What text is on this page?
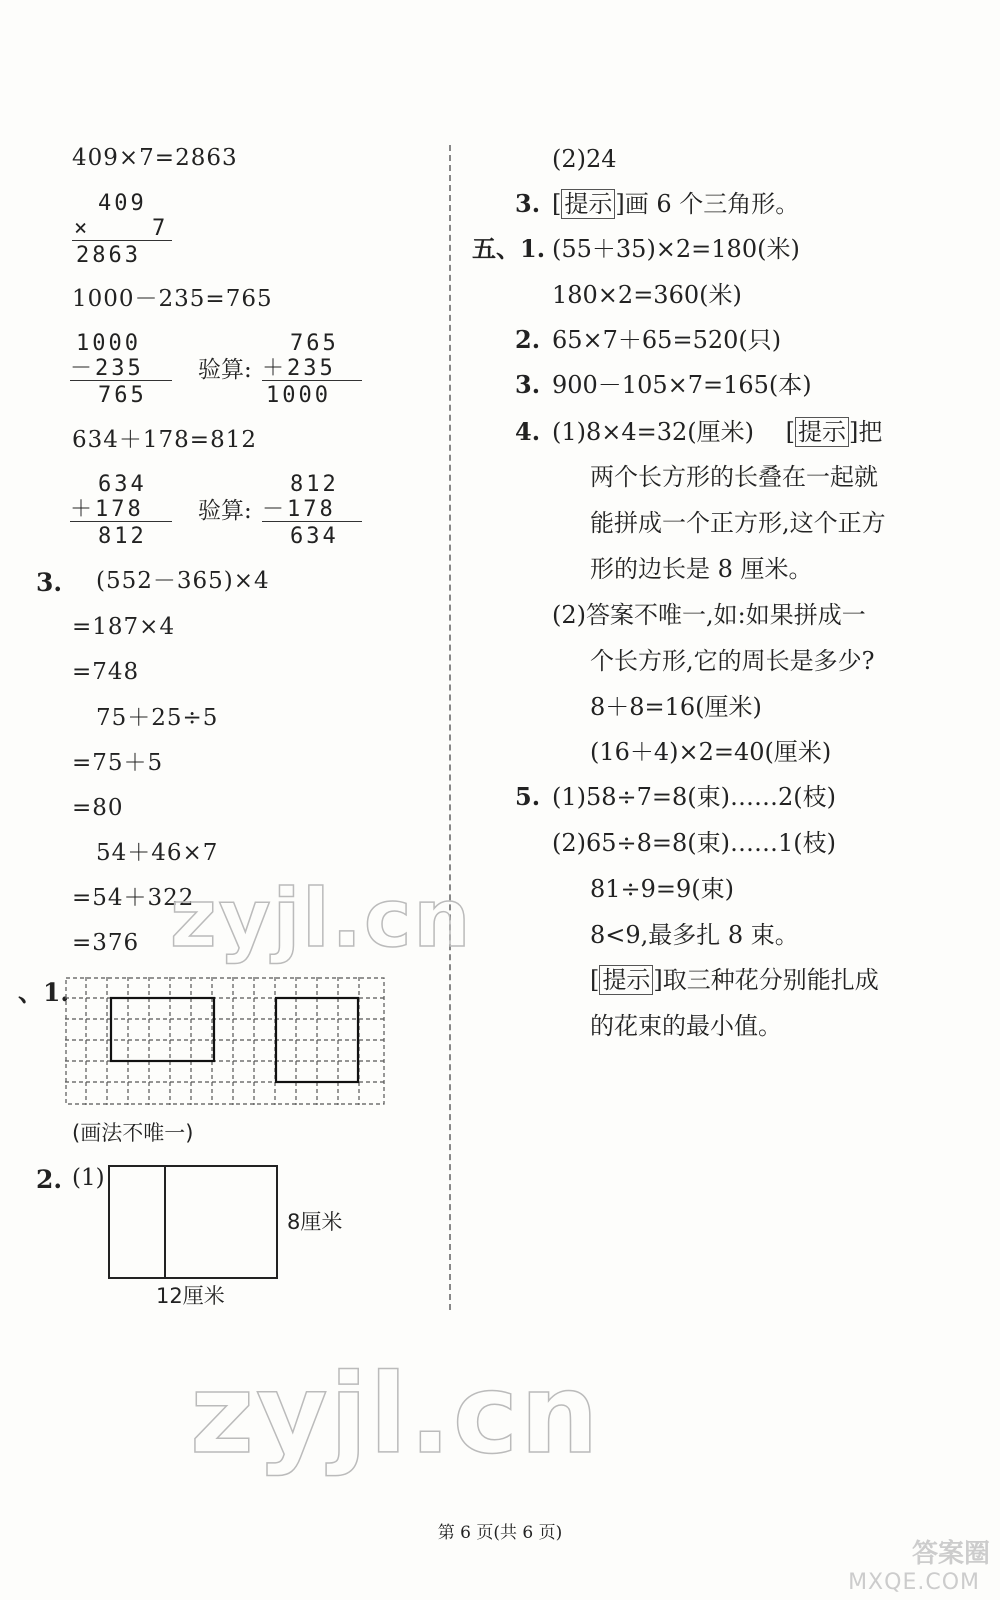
409×7=2863
409
×	7
2863
1000－235=765
1000
－235
765
验算:
765
＋235
1000
634＋178=812
634
＋178
812
验算:
812
－178
634
3. (552－365)×4
=187×4
=748
75＋25÷5
=75＋5
=80
54＋46×7
=54＋322
=376
、1.
(画法不唯一)
2. (1)
8厘米
12厘米
(2)24
3. [ 提示 ]画 6 个三角形。
五、1. (55＋35)×2=180(米)
180×2=360(米)
2. 65×7＋65=520(只)
3. 900－105×7=165(本)
4. (1)8×4=32(厘米)　 [ 提示 ]把
两个长方形的长叠在一起就
能拼成一个正方形,这个正方
形的边长是 8 厘米。
(2)答案不唯一,如:如果拼成一
个长方形,它的周长是多少?
8＋8=16(厘米)
(16＋4)×2=40(厘米)
5. (1)58÷7=8(束)……2(枝)
(2)65÷8=8(束)……1(枝)
81÷9=9(束)
8<9,最多扎 8 束。
[ 提示 ]取三种花分别能扎成
的花束的最小值。
zyjl.cn
zyjl.cn
答案圈
MXQE.COM
第 6 页(共 6 页)
